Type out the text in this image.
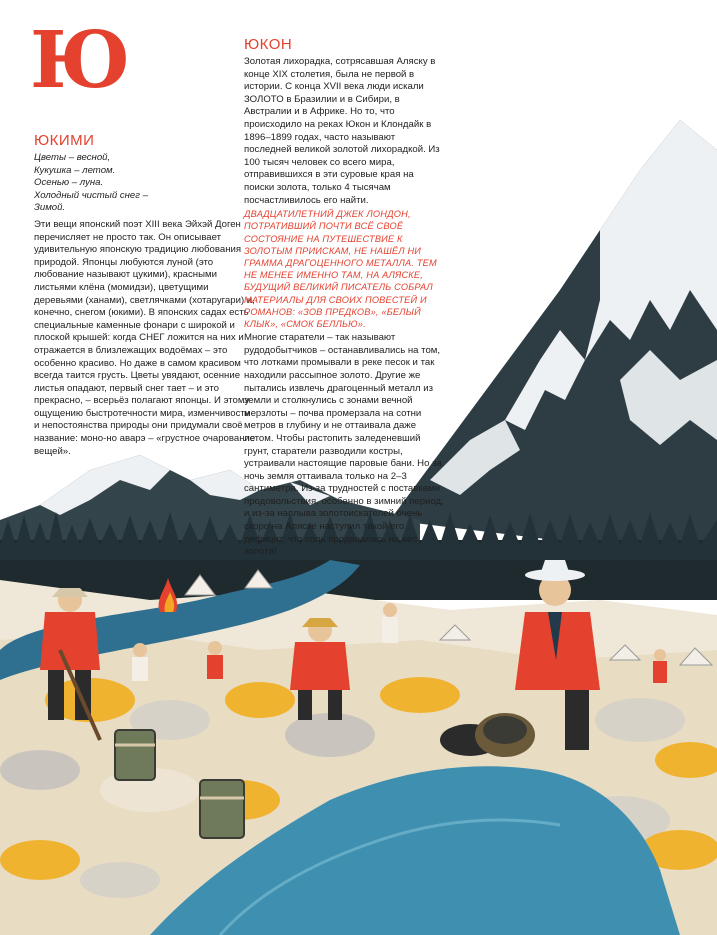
Ю
ЮКИМИ
Цветы – весной,
Кукушка – летом.
Осенью – луна.
Холодный чистый снег –
Зимой.

Эти вещи японский поэт XIII века Эйхэй Доген перечисляет не просто так. Он описывает удивительную японскую традицию любования природой. Японцы любуются луной (это любование называют цукими), красными листьями клёна (момидзи), цветущими деревьями (ханами), светлячками (хотаругари) и, конечно, снегом (юкими). В японских садах есть специальные каменные фонари с широкой и плоской крышей: когда СНЕГ ложится на них и отражается в близлежащих водоёмах – это особенно красиво. Но даже в самом красивом всегда таится грусть. Цветы увядают, осенние листья опадают, первый снег тает – и это прекрасно, – всерьёз полагают японцы. И этому ощущению быстротечности мира, изменчивости и непостоянства природы они придумали своё название: моно-но аварэ – «грустное очарование вещей».

ЮКОН

Золотая лихорадка, сотрясавшая Аляску в конце XIX столетия, была не первой в истории. С конца XVII века люди искали ЗОЛОТО в Бразилии и в Сибири, в Австралии и в Африке. Но то, что происходило на реках Юкон и Клондайк в 1896–1899 годах, часто называют последней великой золотой лихорадкой. Из 100 тысяч человек со всего мира, отправившихся в эти суровые края на поиски золота, только 4 тысячам посчастливилось его найти.

ДВАДЦАТИЛЕТНИЙ ДЖЕК ЛОНДОН, ПОТРАТИВШИЙ ПОЧТИ ВСЁ СВОЁ СОСТОЯНИЕ НА ПУТЕШЕСТВИЕ К ЗОЛОТЫМ ПРИИСКАМ, НЕ НАШЁЛ НИ ГРАММА ДРАГОЦЕННОГО МЕТАЛЛА. ТЕМ НЕ МЕНЕЕ ИМЕННО ТАМ, НА АЛЯСКЕ, БУДУЩИЙ ВЕЛИКИЙ ПИСАТЕЛЬ СОБРАЛ МАТЕРИАЛЫ ДЛЯ СВОИХ ПОВЕСТЕЙ И РОМАНОВ: «ЗОВ ПРЕДКОВ», «БЕЛЫЙ КЛЫК», «СМОК БЕЛЛЬЮ».

Многие старатели – так называют рудодобытчиков – останавливались на том, что лотками промывали в реке песок и так находили рассыпное золото. Другие же пытались извлечь драгоценный металл из земли и столкнулись с зонами вечной мерзлоты – почва промерзала на сотни метров в глубину и не оттаивала даже летом. Чтобы растопить заледеневший грунт, старатели разводили костры, устраивали настоящие паровые бани. Но за ночь земля оттаивала только на 2–3 сантиметра. Из-за трудностей с поставками продовольствия, особенно в зимний период, и из-за наплыва золотоискателей очень скоро на Аляске наступил такой его дефицит, что соль продавалась на вес золота!
